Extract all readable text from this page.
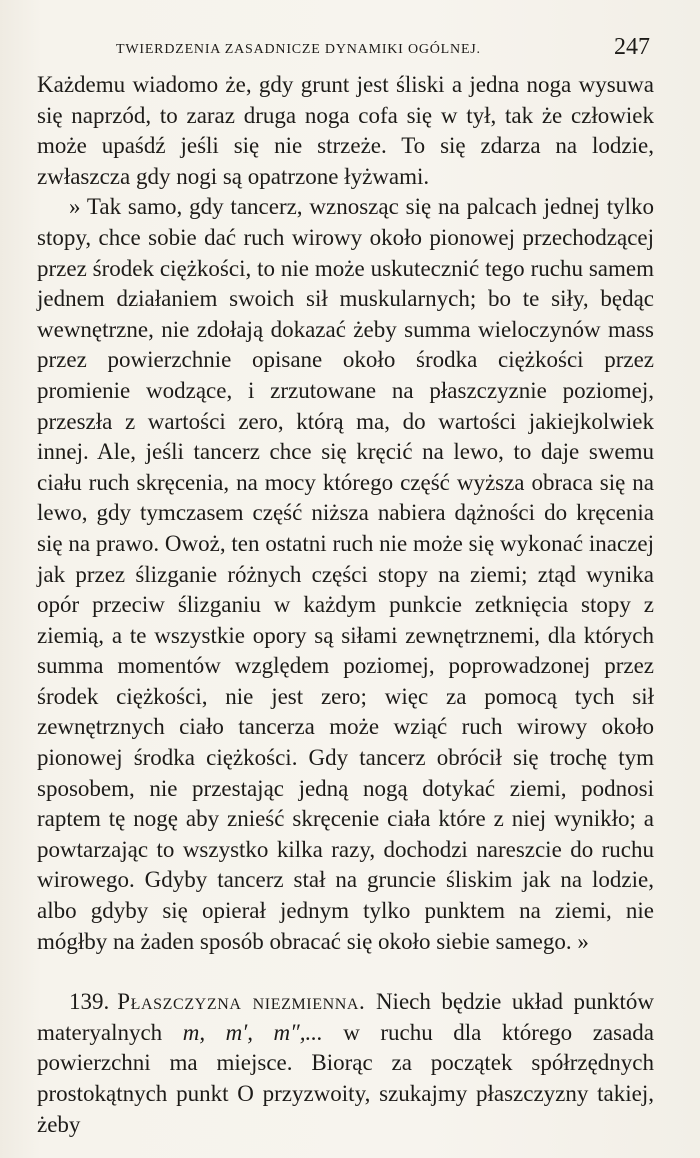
TWIERDZENIA ZASADNICZE DYNAMIKI OGÓLNEJ.	247

Każdemu wiadomo że, gdy grunt jest śliski a jedna noga wysuwa się naprzód, to zaraz druga noga cofa się w tył, tak że człowiek może upaśdź jeśli się nie strzeże. To się zdarza na lodzie, zwłaszcza gdy nogi są opatrzone łyżwami.

» Tak samo, gdy tancerz, wznosząc się na palcach jednej tylko stopy, chce sobie dać ruch wirowy około pionowej przechodzącej przez środek ciężkości, to nie może uskutecznić tego ruchu samem jednem działaniem swoich sił muskularnych; bo te siły, będąc wewnętrzne, nie zdołają dokazać żeby summa wieloczynów mass przez powierzchnie opisane około środka ciężkości przez promienie wodzące, i zrzutowane na płaszczyznie poziomej, przeszła z wartości zero, którą ma, do wartości jakiejkolwiek innej. Ale, jeśli tancerz chce się kręcić na lewo, to daje swemu ciału ruch skręcenia, na mocy którego część wyższa obraca się na lewo, gdy tymczasem część niższa nabiera dążności do kręcenia się na prawo. Owoż, ten ostatni ruch nie może się wykonać inaczej jak przez ślizganie różnych części stopy na ziemi; ztąd wynika opór przeciw ślizganiu w każdym punkcie zetknięcia stopy z ziemią, a te wszystkie opory są siłami zewnętrznemi, dla których summa momentów względem poziomej, poprowadzonej przez środek ciężkości, nie jest zero; więc za pomocą tych sił zewnętrznych ciało tancerza może wziąć ruch wirowy około pionowej środka ciężkości. Gdy tancerz obrócił się trochę tym sposobem, nie przestając jedną nogą dotykać ziemi, podnosi raptem tę nogę aby znieść skręcenie ciała które z niej wynikło; a powtarzając to wszystko kilka razy, dochodzi nareszcie do ruchu wirowego. Gdyby tancerz stał na gruncie śliskim jak na lodzie, albo gdyby się opierał jednym tylko punktem na ziemi, nie mógłby na żaden sposób obracać się około siebie samego. »

139. Płaszczyzna niezmienna. Niech będzie układ punktów materyalnych m, m′, m″,... w ruchu dla którego zasada powierzchni ma miejsce. Biorąc za początek spółrzędnych prostokątnych punkt O przyzwoity, szukajmy płaszczyzny takiej, żeby
